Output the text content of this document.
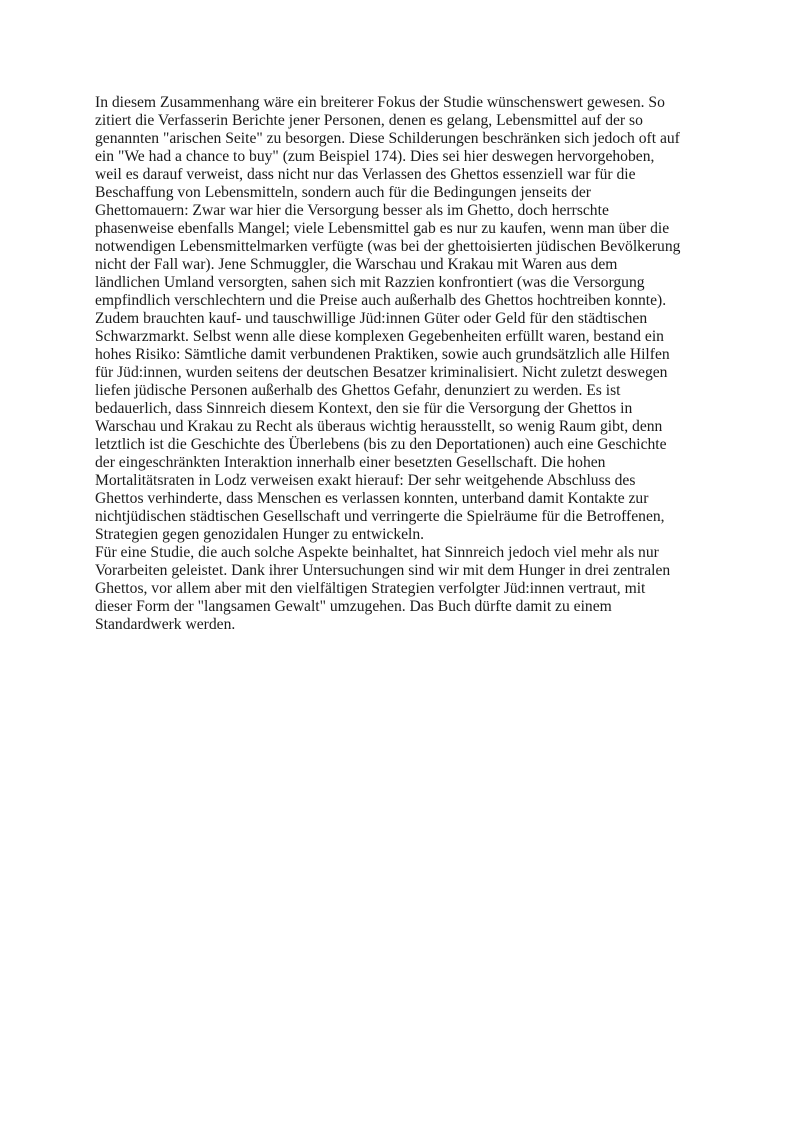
In diesem Zusammenhang wäre ein breiterer Fokus der Studie wünschenswert gewesen. So
zitiert die Verfasserin Berichte jener Personen, denen es gelang, Lebensmittel auf der so
genannten "arischen Seite" zu besorgen. Diese Schilderungen beschränken sich jedoch oft auf
ein "We had a chance to buy" (zum Beispiel 174). Dies sei hier deswegen hervorgehoben,
weil es darauf verweist, dass nicht nur das Verlassen des Ghettos essenziell war für die
Beschaffung von Lebensmitteln, sondern auch für die Bedingungen jenseits der
Ghettomauern: Zwar war hier die Versorgung besser als im Ghetto, doch herrschte
phasenweise ebenfalls Mangel; viele Lebensmittel gab es nur zu kaufen, wenn man über die
notwendigen Lebensmittelmarken verfügte (was bei der ghettoisierten jüdischen Bevölkerung
nicht der Fall war). Jene Schmuggler, die Warschau und Krakau mit Waren aus dem
ländlichen Umland versorgten, sahen sich mit Razzien konfrontiert (was die Versorgung
empfindlich verschlechtern und die Preise auch außerhalb des Ghettos hochtreiben konnte).
Zudem brauchten kauf- und tauschwillige Jüd:innen Güter oder Geld für den städtischen
Schwarzmarkt. Selbst wenn alle diese komplexen Gegebenheiten erfüllt waren, bestand ein
hohes Risiko: Sämtliche damit verbundenen Praktiken, sowie auch grundsätzlich alle Hilfen
für Jüd:innen, wurden seitens der deutschen Besatzer kriminalisiert. Nicht zuletzt deswegen
liefen jüdische Personen außerhalb des Ghettos Gefahr, denunziert zu werden. Es ist
bedauerlich, dass Sinnreich diesem Kontext, den sie für die Versorgung der Ghettos in
Warschau und Krakau zu Recht als überaus wichtig herausstellt, so wenig Raum gibt, denn
letztlich ist die Geschichte des Überlebens (bis zu den Deportationen) auch eine Geschichte
der eingeschränkten Interaktion innerhalb einer besetzten Gesellschaft. Die hohen
Mortalitätsraten in Lodz verweisen exakt hierauf: Der sehr weitgehende Abschluss des
Ghettos verhinderte, dass Menschen es verlassen konnten, unterband damit Kontakte zur
nichtjüdischen städtischen Gesellschaft und verringerte die Spielräume für die Betroffenen,
Strategien gegen genozidalen Hunger zu entwickeln.
Für eine Studie, die auch solche Aspekte beinhaltet, hat Sinnreich jedoch viel mehr als nur
Vorarbeiten geleistet. Dank ihrer Untersuchungen sind wir mit dem Hunger in drei zentralen
Ghettos, vor allem aber mit den vielfältigen Strategien verfolgter Jüd:innen vertraut, mit
dieser Form der "langsamen Gewalt" umzugehen. Das Buch dürfte damit zu einem
Standardwerk werden.
